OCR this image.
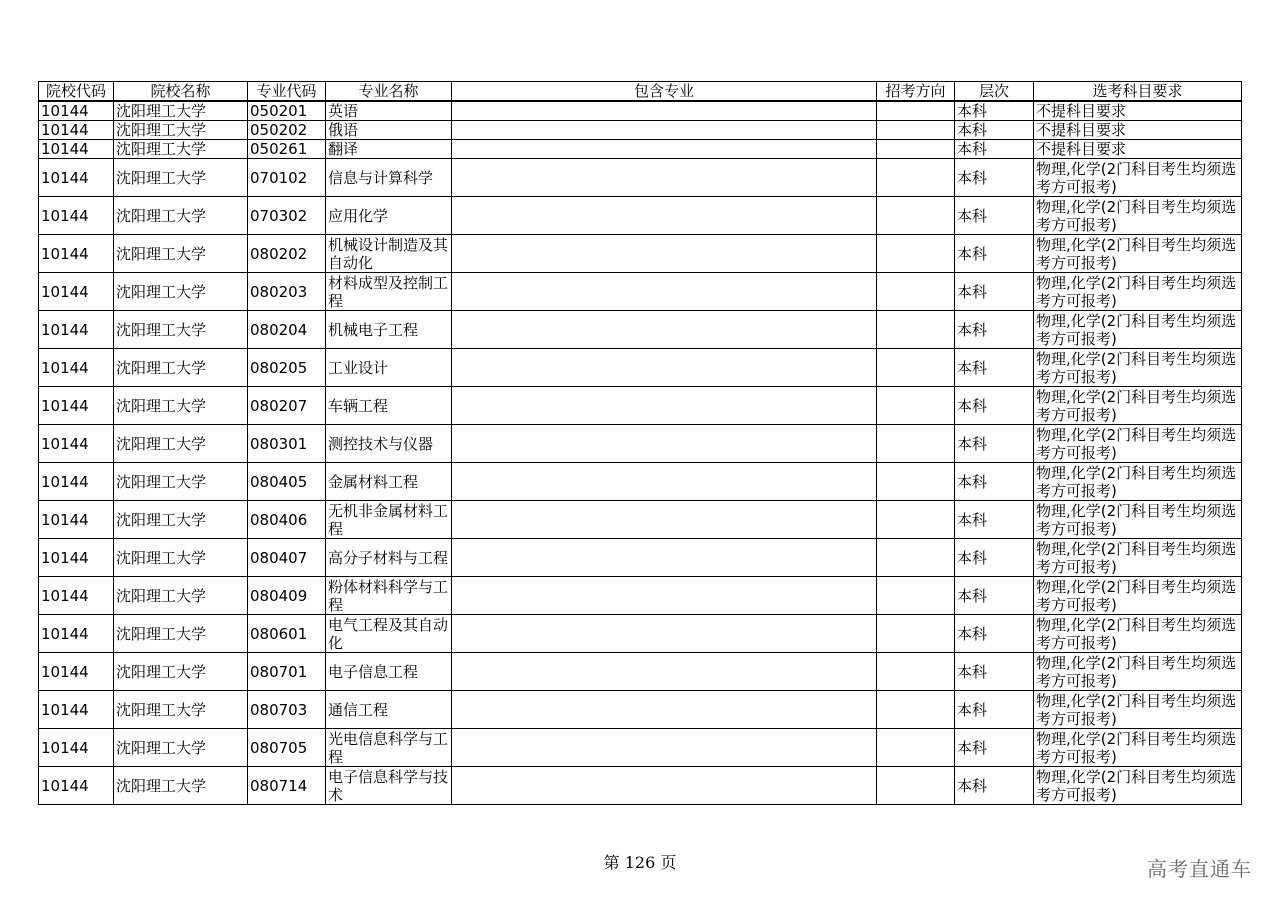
院校代码	院校名称	专业代码	专业名称	包含专业	招考方向	层次	选考科目要求
10144	沈阳理工大学	050201	英语			本科	不提科目要求
10144	沈阳理工大学	050202	俄语			本科	不提科目要求
10144	沈阳理工大学	050261	翻译			本科	不提科目要求
10144	沈阳理工大学	070102	信息与计算科学			本科	物理,化学(2门科目考生均须选考方可报考)
10144	沈阳理工大学	070302	应用化学			本科	物理,化学(2门科目考生均须选考方可报考)
10144	沈阳理工大学	080202	机械设计制造及其自动化			本科	物理,化学(2门科目考生均须选考方可报考)
10144	沈阳理工大学	080203	材料成型及控制工程			本科	物理,化学(2门科目考生均须选考方可报考)
10144	沈阳理工大学	080204	机械电子工程			本科	物理,化学(2门科目考生均须选考方可报考)
10144	沈阳理工大学	080205	工业设计			本科	物理,化学(2门科目考生均须选考方可报考)
10144	沈阳理工大学	080207	车辆工程			本科	物理,化学(2门科目考生均须选考方可报考)
10144	沈阳理工大学	080301	测控技术与仪器			本科	物理,化学(2门科目考生均须选考方可报考)
10144	沈阳理工大学	080405	金属材料工程			本科	物理,化学(2门科目考生均须选考方可报考)
10144	沈阳理工大学	080406	无机非金属材料工程			本科	物理,化学(2门科目考生均须选考方可报考)
10144	沈阳理工大学	080407	高分子材料与工程			本科	物理,化学(2门科目考生均须选考方可报考)
10144	沈阳理工大学	080409	粉体材料科学与工程			本科	物理,化学(2门科目考生均须选考方可报考)
10144	沈阳理工大学	080601	电气工程及其自动化			本科	物理,化学(2门科目考生均须选考方可报考)
10144	沈阳理工大学	080701	电子信息工程			本科	物理,化学(2门科目考生均须选考方可报考)
10144	沈阳理工大学	080703	通信工程			本科	物理,化学(2门科目考生均须选考方可报考)
10144	沈阳理工大学	080705	光电信息科学与工程			本科	物理,化学(2门科目考生均须选考方可报考)
10144	沈阳理工大学	080714	电子信息科学与技术			本科	物理,化学(2门科目考生均须选考方可报考)
第 126 页	高考直通车
